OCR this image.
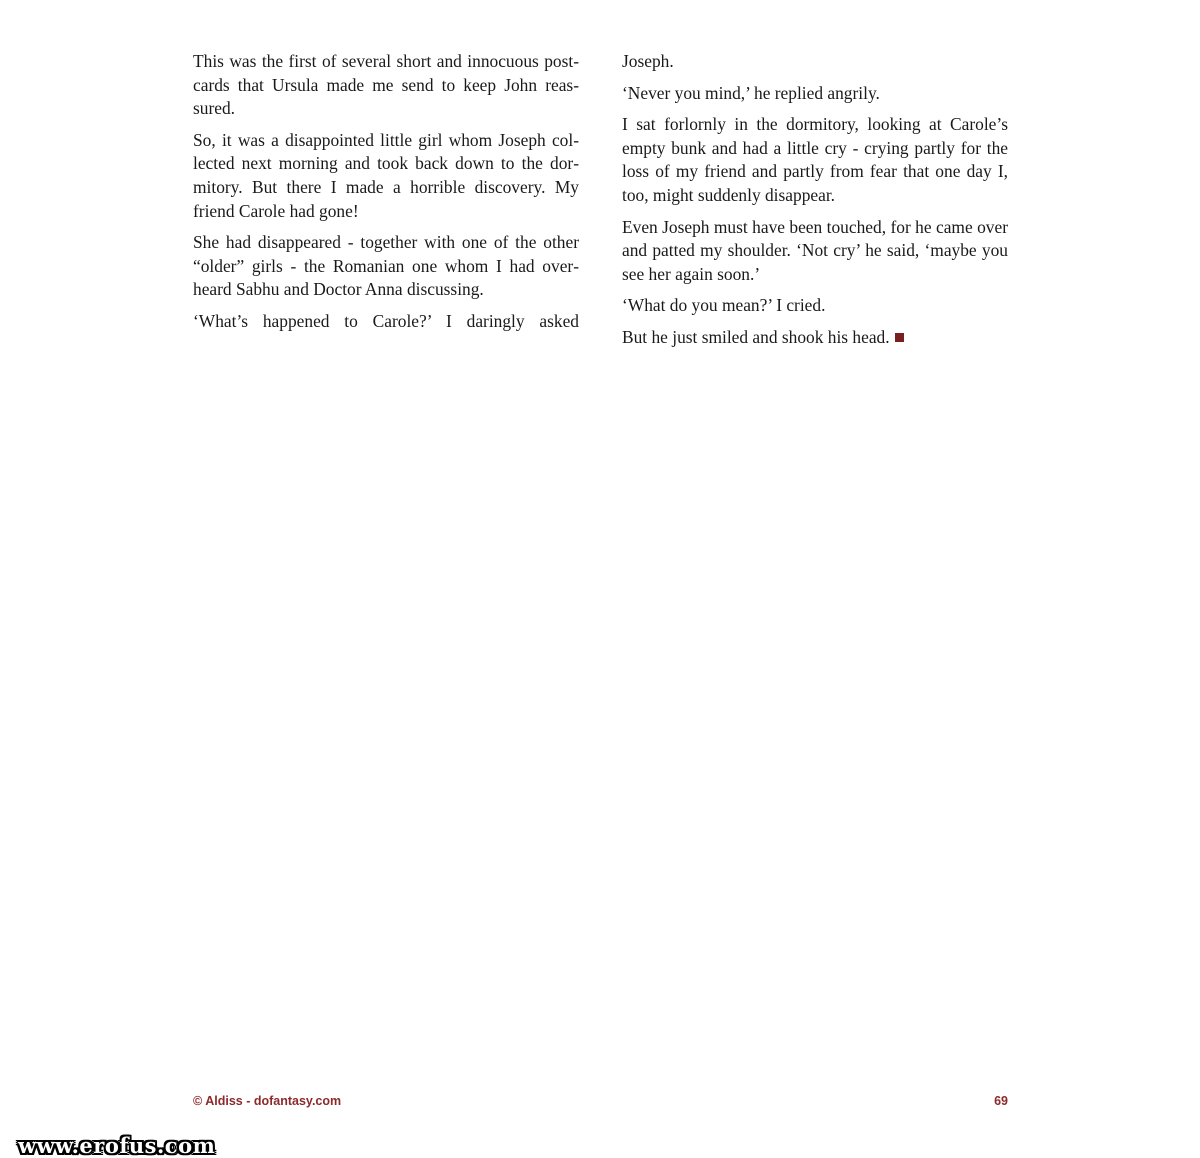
This was the first of several short and innocuous postcards that Ursula made me send to keep John reassured.

So, it was a disappointed little girl whom Joseph collected next morning and took back down to the dormitory. But there I made a horrible discovery. My friend Carole had gone!

She had disappeared - together with one of the other “older” girls - the Romanian one whom I had overheard Sabhu and Doctor Anna discussing.

‘What’s happened to Carole?’ I daringly asked

Joseph.

‘Never you mind,’ he replied angrily.

I sat forlornly in the dormitory, looking at Carole’s empty bunk and had a little cry - crying partly for the loss of my friend and partly from fear that one day I, too, might suddenly disappear.

Even Joseph must have been touched, for he came over and patted my shoulder. ‘Not cry’ he said, ‘maybe you see her again soon.’

‘What do you mean?’ I cried.

But he just smiled and shook his head.

© Aldiss - dofantasy.com	69
www.erofus.com
